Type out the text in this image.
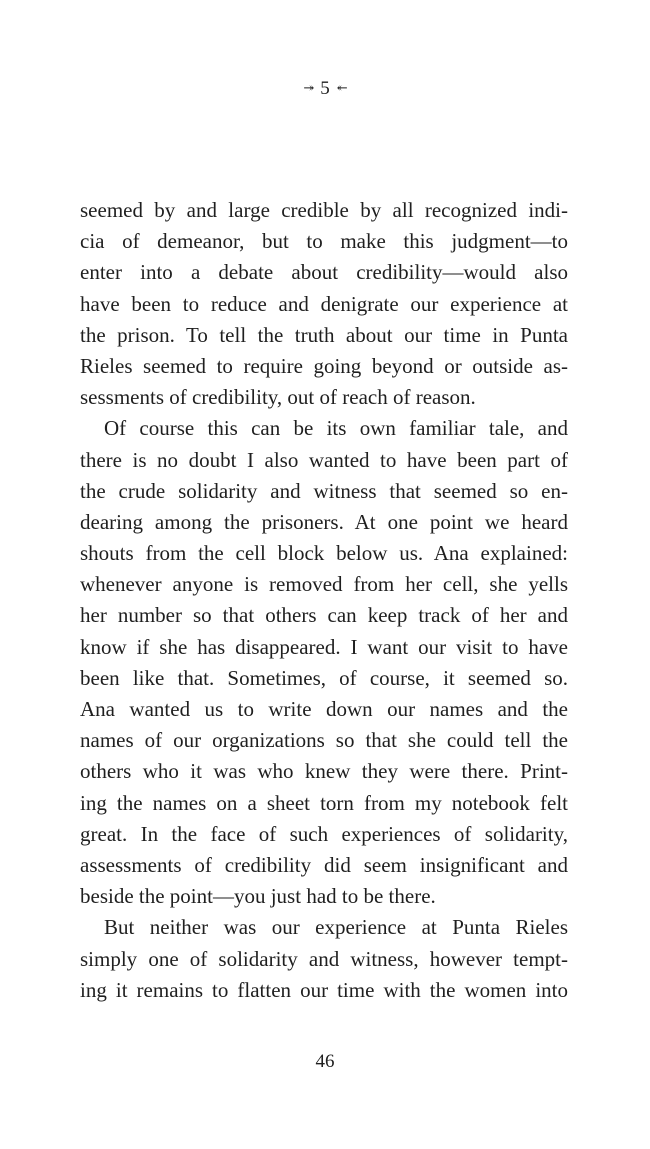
↠ 5 ↞
seemed by and large credible by all recognized indi-
cia of demeanor, but to make this judgment—to
enter into a debate about credibility—would also
have been to reduce and denigrate our experience at
the prison. To tell the truth about our time in Punta
Rieles seemed to require going beyond or outside as-
sessments of credibility, out of reach of reason.
Of course this can be its own familiar tale, and
there is no doubt I also wanted to have been part of
the crude solidarity and witness that seemed so en-
dearing among the prisoners. At one point we heard
shouts from the cell block below us. Ana explained:
whenever anyone is removed from her cell, she yells
her number so that others can keep track of her and
know if she has disappeared. I want our visit to have
been like that. Sometimes, of course, it seemed so.
Ana wanted us to write down our names and the
names of our organizations so that she could tell the
others who it was who knew they were there. Print-
ing the names on a sheet torn from my notebook felt
great. In the face of such experiences of solidarity,
assessments of credibility did seem insignificant and
beside the point—you just had to be there.
But neither was our experience at Punta Rieles
simply one of solidarity and witness, however tempt-
ing it remains to flatten our time with the women into
46
